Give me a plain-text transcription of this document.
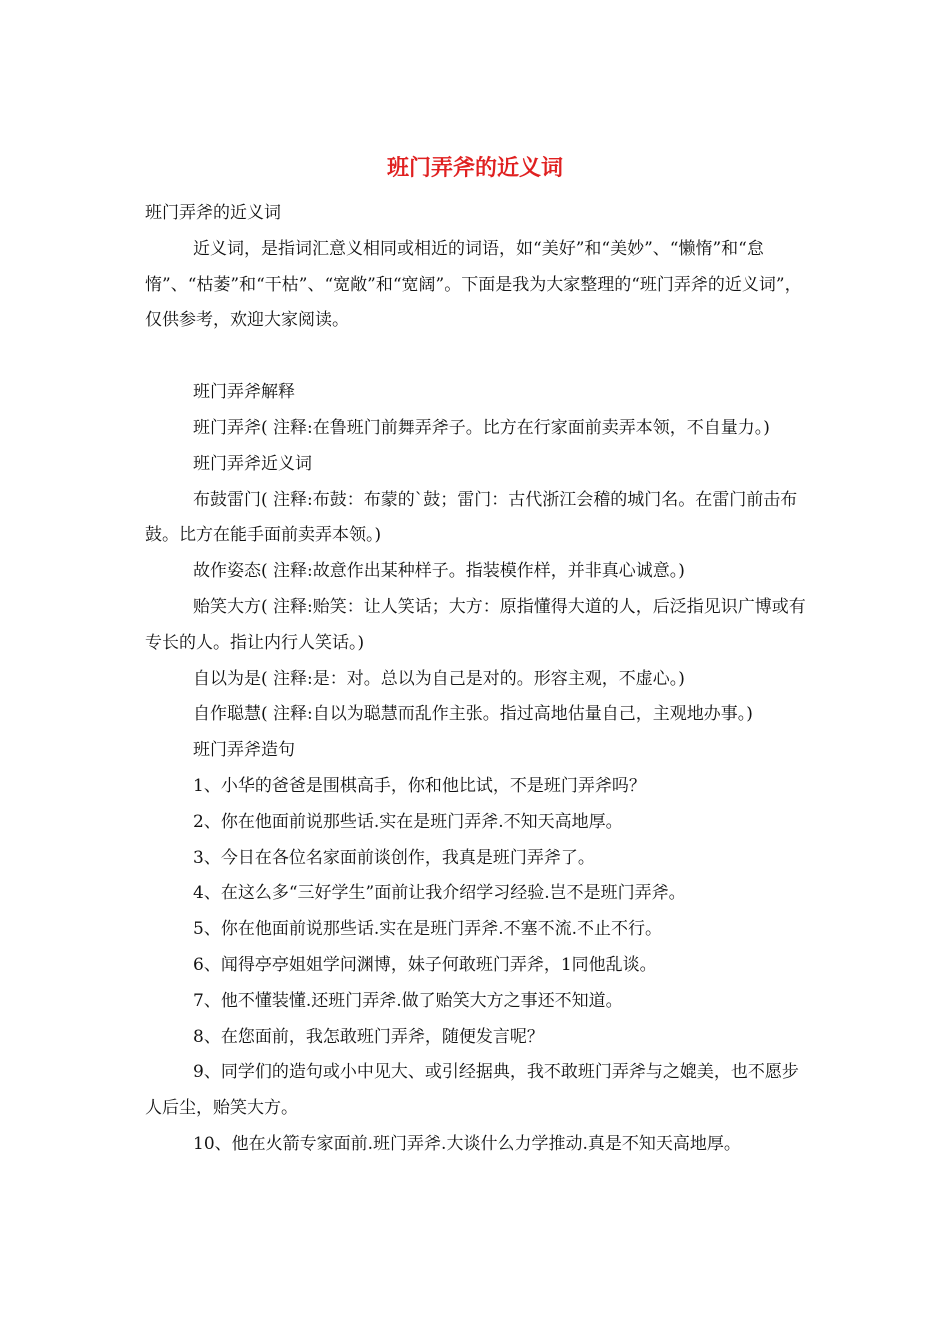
班门弄斧的近义词

班门弄斧的近义词

近义词，是指词汇意义相同或相近的词语，如“美好”和“美妙”、“懒惰”和“怠惰”、“枯萎”和“干枯”、“宽敞”和“宽阔”。下面是我为大家整理的“班门弄斧的近义词”，仅供参考，欢迎大家阅读。

班门弄斧解释

班门弄斧( 注释:在鲁班门前舞弄斧子。比方在行家面前卖弄本领，不自量力。)

班门弄斧近义词

布鼓雷门( 注释:布鼓：布蒙的`鼓；雷门：古代浙江会稽的城门名。在雷门前击布鼓。比方在能手面前卖弄本领。)

故作姿态( 注释:故意作出某种样子。指装模作样，并非真心诚意。)

贻笑大方( 注释:贻笑：让人笑话；大方：原指懂得大道的人，后泛指见识广博或有专长的人。指让内行人笑话。)

自以为是( 注释:是：对。总以为自己是对的。形容主观，不虚心。)

自作聪慧( 注释:自以为聪慧而乱作主张。指过高地估量自己，主观地办事。)

班门弄斧造句

1、小华的爸爸是围棋高手，你和他比试，不是班门弄斧吗？

2、你在他面前说那些话.实在是班门弄斧.不知天高地厚。

3、今日在各位名家面前谈创作，我真是班门弄斧了。

4、在这么多“三好学生”面前让我介绍学习经验.岂不是班门弄斧。

5、你在他面前说那些话.实在是班门弄斧.不塞不流.不止不行。

6、闻得亭亭姐姐学问渊博，妹子何敢班门弄斧，1同他乱谈。

7、他不懂装懂.还班门弄斧.做了贻笑大方之事还不知道。

8、在您面前，我怎敢班门弄斧，随便发言呢？

9、同学们的造句或小中见大、或引经据典，我不敢班门弄斧与之媲美，也不愿步人后尘，贻笑大方。

10、他在火箭专家面前.班门弄斧.大谈什么力学推动.真是不知天高地厚。
